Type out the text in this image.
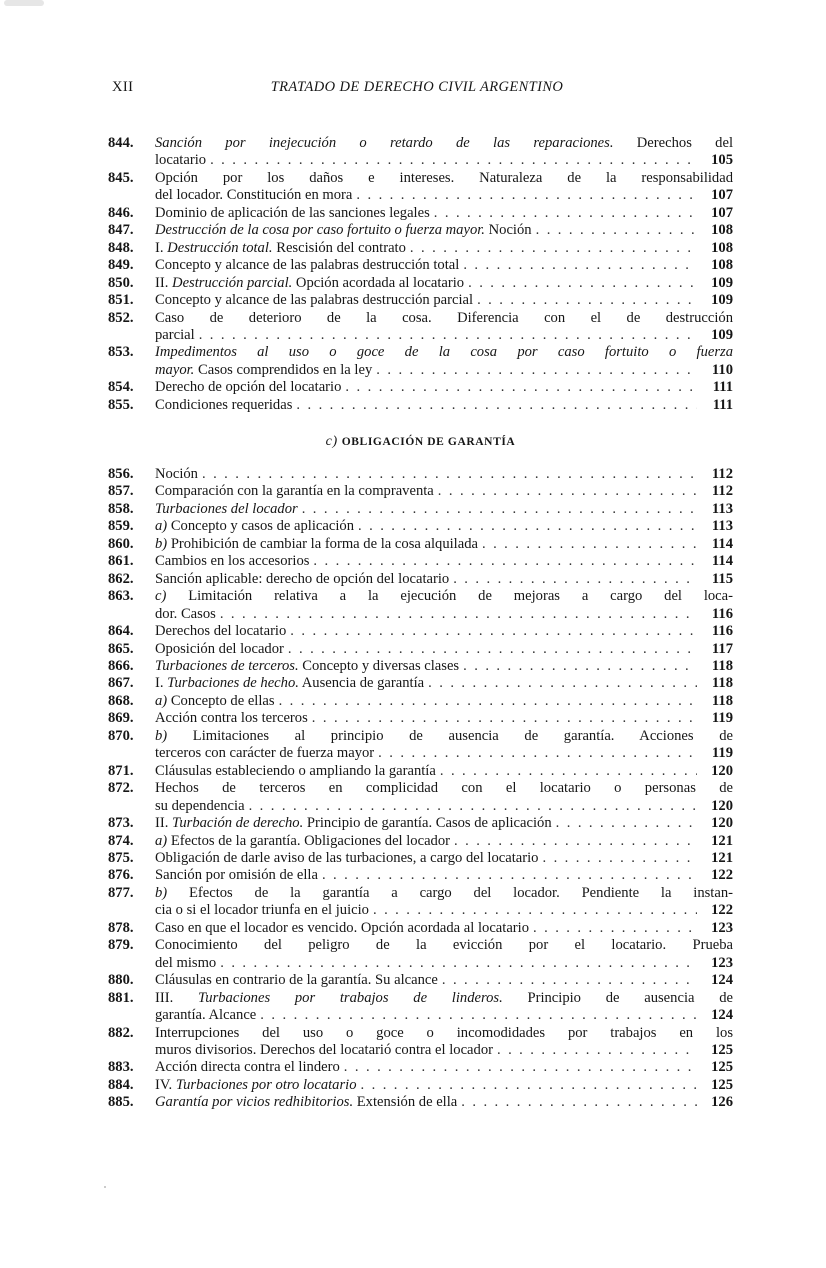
XII	TRATADO DE DERECHO CIVIL ARGENTINO
844.	Sanción por inejecución o retardo de las reparaciones. Derechos del
locatario . . .	105
845.	Opción por los daños e intereses. Naturaleza de la responsabilidad
del locador. Constitución en mora . . .	107
846.	Dominio de aplicación de las sanciones legales . . .	107
847.	Destrucción de la cosa por caso fortuito o fuerza mayor. Noción . . .	108
848.	I. Destrucción total. Rescisión del contrato . . .	108
849.	Concepto y alcance de las palabras destrucción total . . .	108
850.	II. Destrucción parcial. Opción acordada al locatario . . .	109
851.	Concepto y alcance de las palabras destrucción parcial . . .	109
852.	Caso de deterioro de la cosa. Diferencia con el de destrucción
parcial . . .	109
853.	Impedimentos al uso o goce de la cosa por caso fortuito o fuerza
mayor. Casos comprendidos en la ley . . .	110
854.	Derecho de opción del locatario . . .	111
855.	Condiciones requeridas . . .	111
c) OBLIGACIÓN DE GARANTÍA
856.	Noción . . .	112
857.	Comparación con la garantía en la compraventa . . .	112
858.	Turbaciones del locador . . .	113
859.	a) Concepto y casos de aplicación . . .	113
860.	b) Prohibición de cambiar la forma de la cosa alquilada . . .	114
861.	Cambios en los accesorios . . .	114
862.	Sanción aplicable: derecho de opción del locatario . . .	115
863.	c) Limitación relativa a la ejecución de mejoras a cargo del loca-
dor. Casos . . .	116
864.	Derechos del locatario . . .	116
865.	Oposición del locador . . .	117
866.	Turbaciones de terceros. Concepto y diversas clases . . .	118
867.	I. Turbaciones de hecho. Ausencia de garantía . . .	118
868.	a) Concepto de ellas . . .	118
869.	Acción contra los terceros . . .	119
870.	b) Limitaciones al principio de ausencia de garantía. Acciones de
terceros con carácter de fuerza mayor . . .	119
871.	Cláusulas estableciendo o ampliando la garantía . . .	120
872.	Hechos de terceros en complicidad con el locatario o personas de
su dependencia . . .	120
873.	II. Turbación de derecho. Principio de garantía. Casos de aplicación . . .	120
874.	a) Efectos de la garantía. Obligaciones del locador . . .	121
875.	Obligación de darle aviso de las turbaciones, a cargo del locatario . . .	121
876.	Sanción por omisión de ella . . .	122
877.	b) Efectos de la garantía a cargo del locador. Pendiente la instan-
cia o si el locador triunfa en el juicio . . .	122
878.	Caso en que el locador es vencido. Opción acordada al locatario . . .	123
879.	Conocimiento del peligro de la evicción por el locatario. Prueba
del mismo . . .	123
880.	Cláusulas en contrario de la garantía. Su alcance . . .	124
881.	III. Turbaciones por trabajos de linderos. Principio de ausencia de
garantía. Alcance . . .	124
882.	Interrupciones del uso o goce o incomodidades por trabajos en los
muros divisorios. Derechos del locatarió contra el locador . . .	125
883.	Acción directa contra el lindero . . .	125
884.	IV. Turbaciones por otro locatario . . .	125
885.	Garantía por vicios redhibitorios. Extensión de ella . . .	126
